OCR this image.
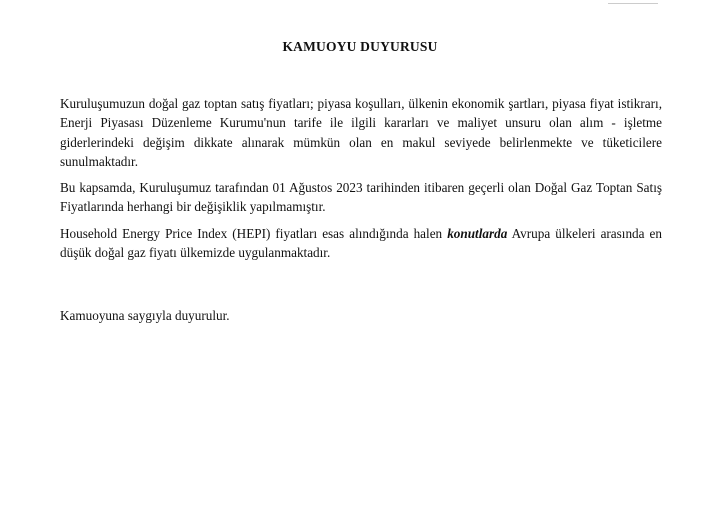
KAMUOYU DUYURUSU
Kuruluşumuzun doğal gaz toptan satış fiyatları; piyasa koşulları, ülkenin ekonomik şartları, piyasa fiyat istikrarı, Enerji Piyasası Düzenleme Kurumu'nun tarife ile ilgili kararları ve maliyet unsuru olan alım - işletme giderlerindeki değişim dikkate alınarak mümkün olan en makul seviyede belirlenmekte ve tüketicilere sunulmaktadır.
Bu kapsamda, Kuruluşumuz tarafından 01 Ağustos 2023 tarihinden itibaren geçerli olan Doğal Gaz Toptan Satış Fiyatlarında herhangi bir değişiklik yapılmamıştır.
Household Energy Price Index (HEPI) fiyatları esas alındığında halen konutlarda Avrupa ülkeleri arasında en düşük doğal gaz fiyatı ülkemizde uygulanmaktadır.
Kamuoyuna saygıyla duyurulur.
